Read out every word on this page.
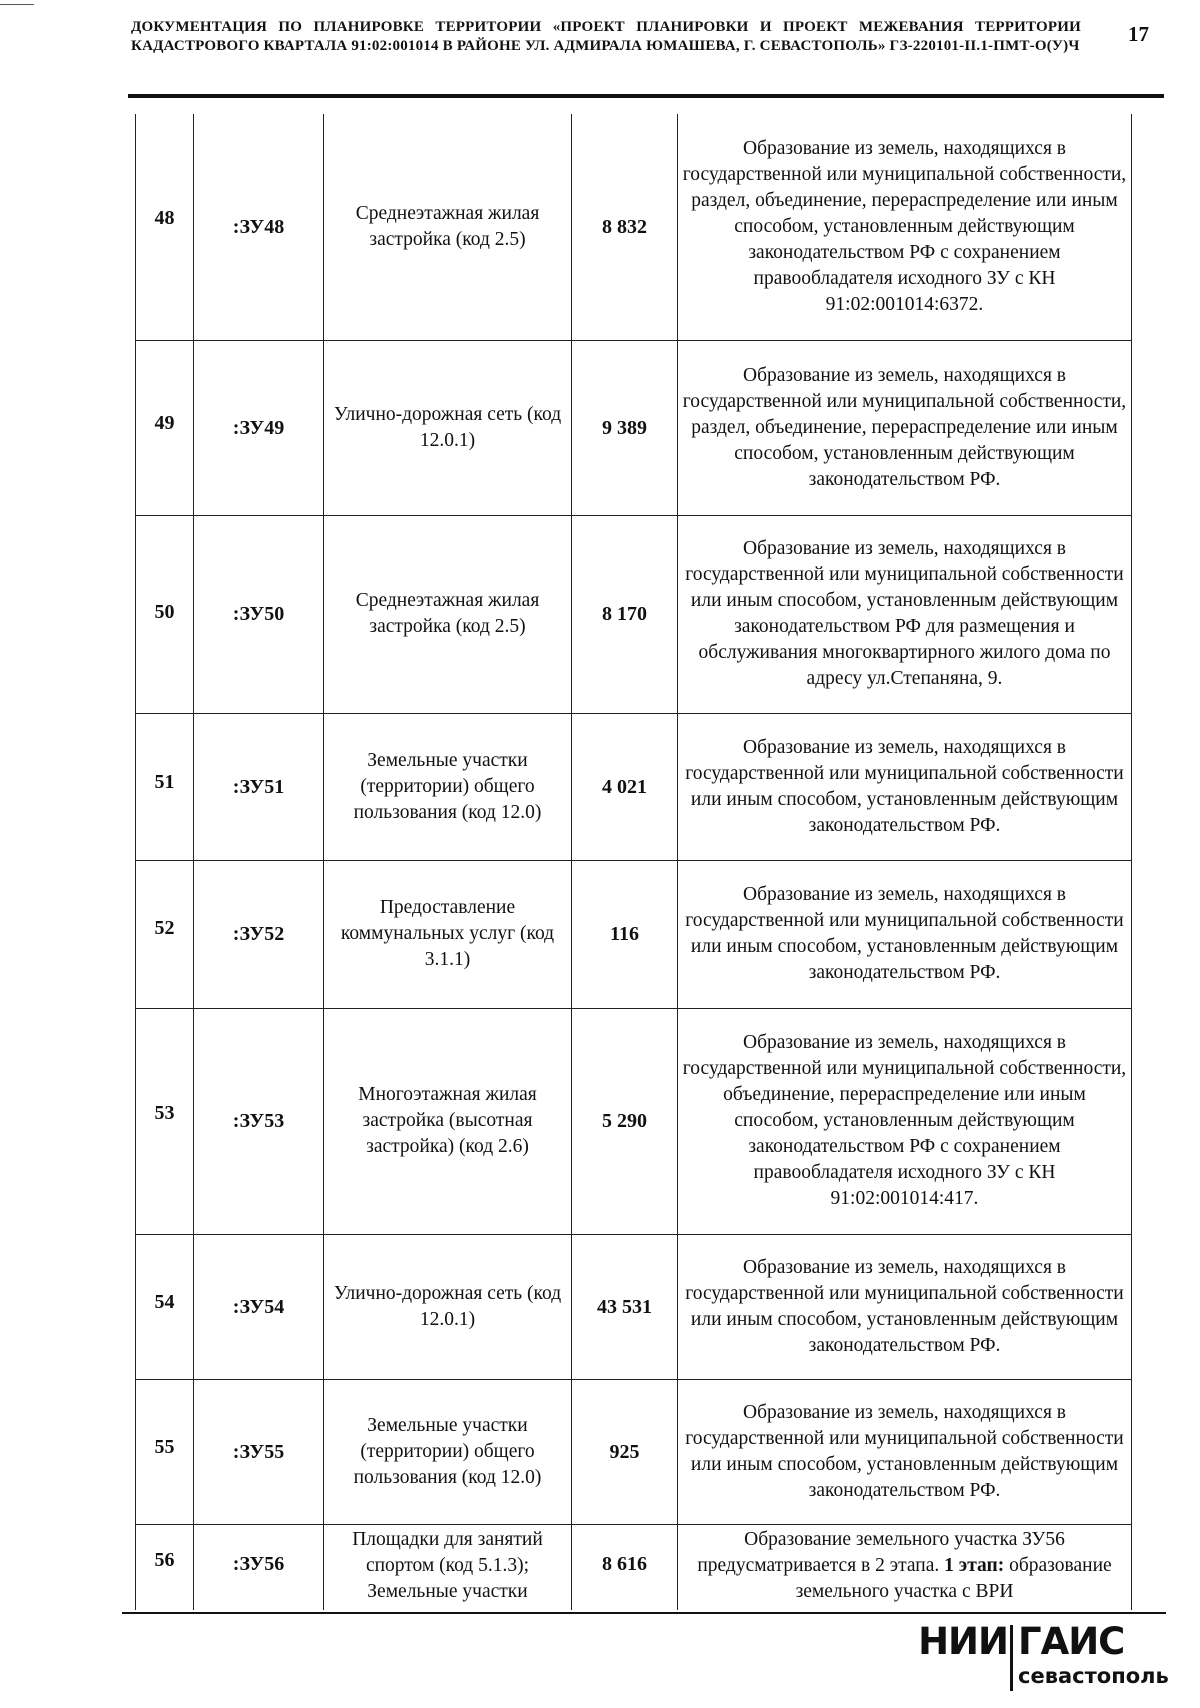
ДОКУМЕНТАЦИЯ ПО ПЛАНИРОВКЕ ТЕРРИТОРИИ «ПРОЕКТ ПЛАНИРОВКИ И ПРОЕКТ МЕЖЕВАНИЯ ТЕРРИТОРИИ КАДАСТРОВОГО КВАРТАЛА 91:02:001014 В РАЙОНЕ УЛ. АДМИРАЛА ЮМАШЕВА, Г. СЕВАСТОПОЛЬ» ГЗ-220101-II.1-ПМТ-О(У)Ч 17
48	:ЗУ48	Среднеэтажная жилая застройка (код 2.5)	8 832	Образование из земель, находящихся в государственной или муниципальной собственности, раздел, объединение, перераспределение или иным способом, установленным действующим законодательством РФ с сохранением правообладателя исходного ЗУ с КН 91:02:001014:6372.

49	:ЗУ49	Улично-дорожная сеть (код 12.0.1)	9 389	Образование из земель, находящихся в государственной или муниципальной собственности, раздел, объединение, перераспределение или иным способом, установленным действующим законодательством РФ.

50	:ЗУ50	Среднеэтажная жилая застройка (код 2.5)	8 170	Образование из земель, находящихся в государственной или муниципальной собственности или иным способом, установленным действующим законодательством РФ для размещения и обслуживания многоквартирного жилого дома по адресу ул.Степаняна, 9.

51	:ЗУ51	Земельные участки (территории) общего пользования (код 12.0)	4 021	Образование из земель, находящихся в государственной или муниципальной собственности или иным способом, установленным действующим законодательством РФ.

52	:ЗУ52	Предоставление коммунальных услуг (код 3.1.1)	116	Образование из земель, находящихся в государственной или муниципальной собственности или иным способом, установленным действующим законодательством РФ.

53	:ЗУ53	Многоэтажная жилая застройка (высотная застройка) (код 2.6)	5 290	Образование из земель, находящихся в государственной или муниципальной собственности, объединение, перераспределение или иным способом, установленным действующим законодательством РФ с сохранением правообладателя исходного ЗУ с КН 91:02:001014:417.

54	:ЗУ54	Улично-дорожная сеть (код 12.0.1)	43 531	Образование из земель, находящихся в государственной или муниципальной собственности или иным способом, установленным действующим законодательством РФ.

55	:ЗУ55	Земельные участки (территории) общего пользования (код 12.0)	925	Образование из земель, находящихся в государственной или муниципальной собственности или иным способом, установленным действующим законодательством РФ.

56	:ЗУ56	Площадки для занятий спортом (код 5.1.3); Земельные участки	8 616	Образование земельного участка ЗУ56 предусматривается в 2 этапа. 1 этап: образование земельного участка с ВРИ
НИИ ГАИС
севастополь
